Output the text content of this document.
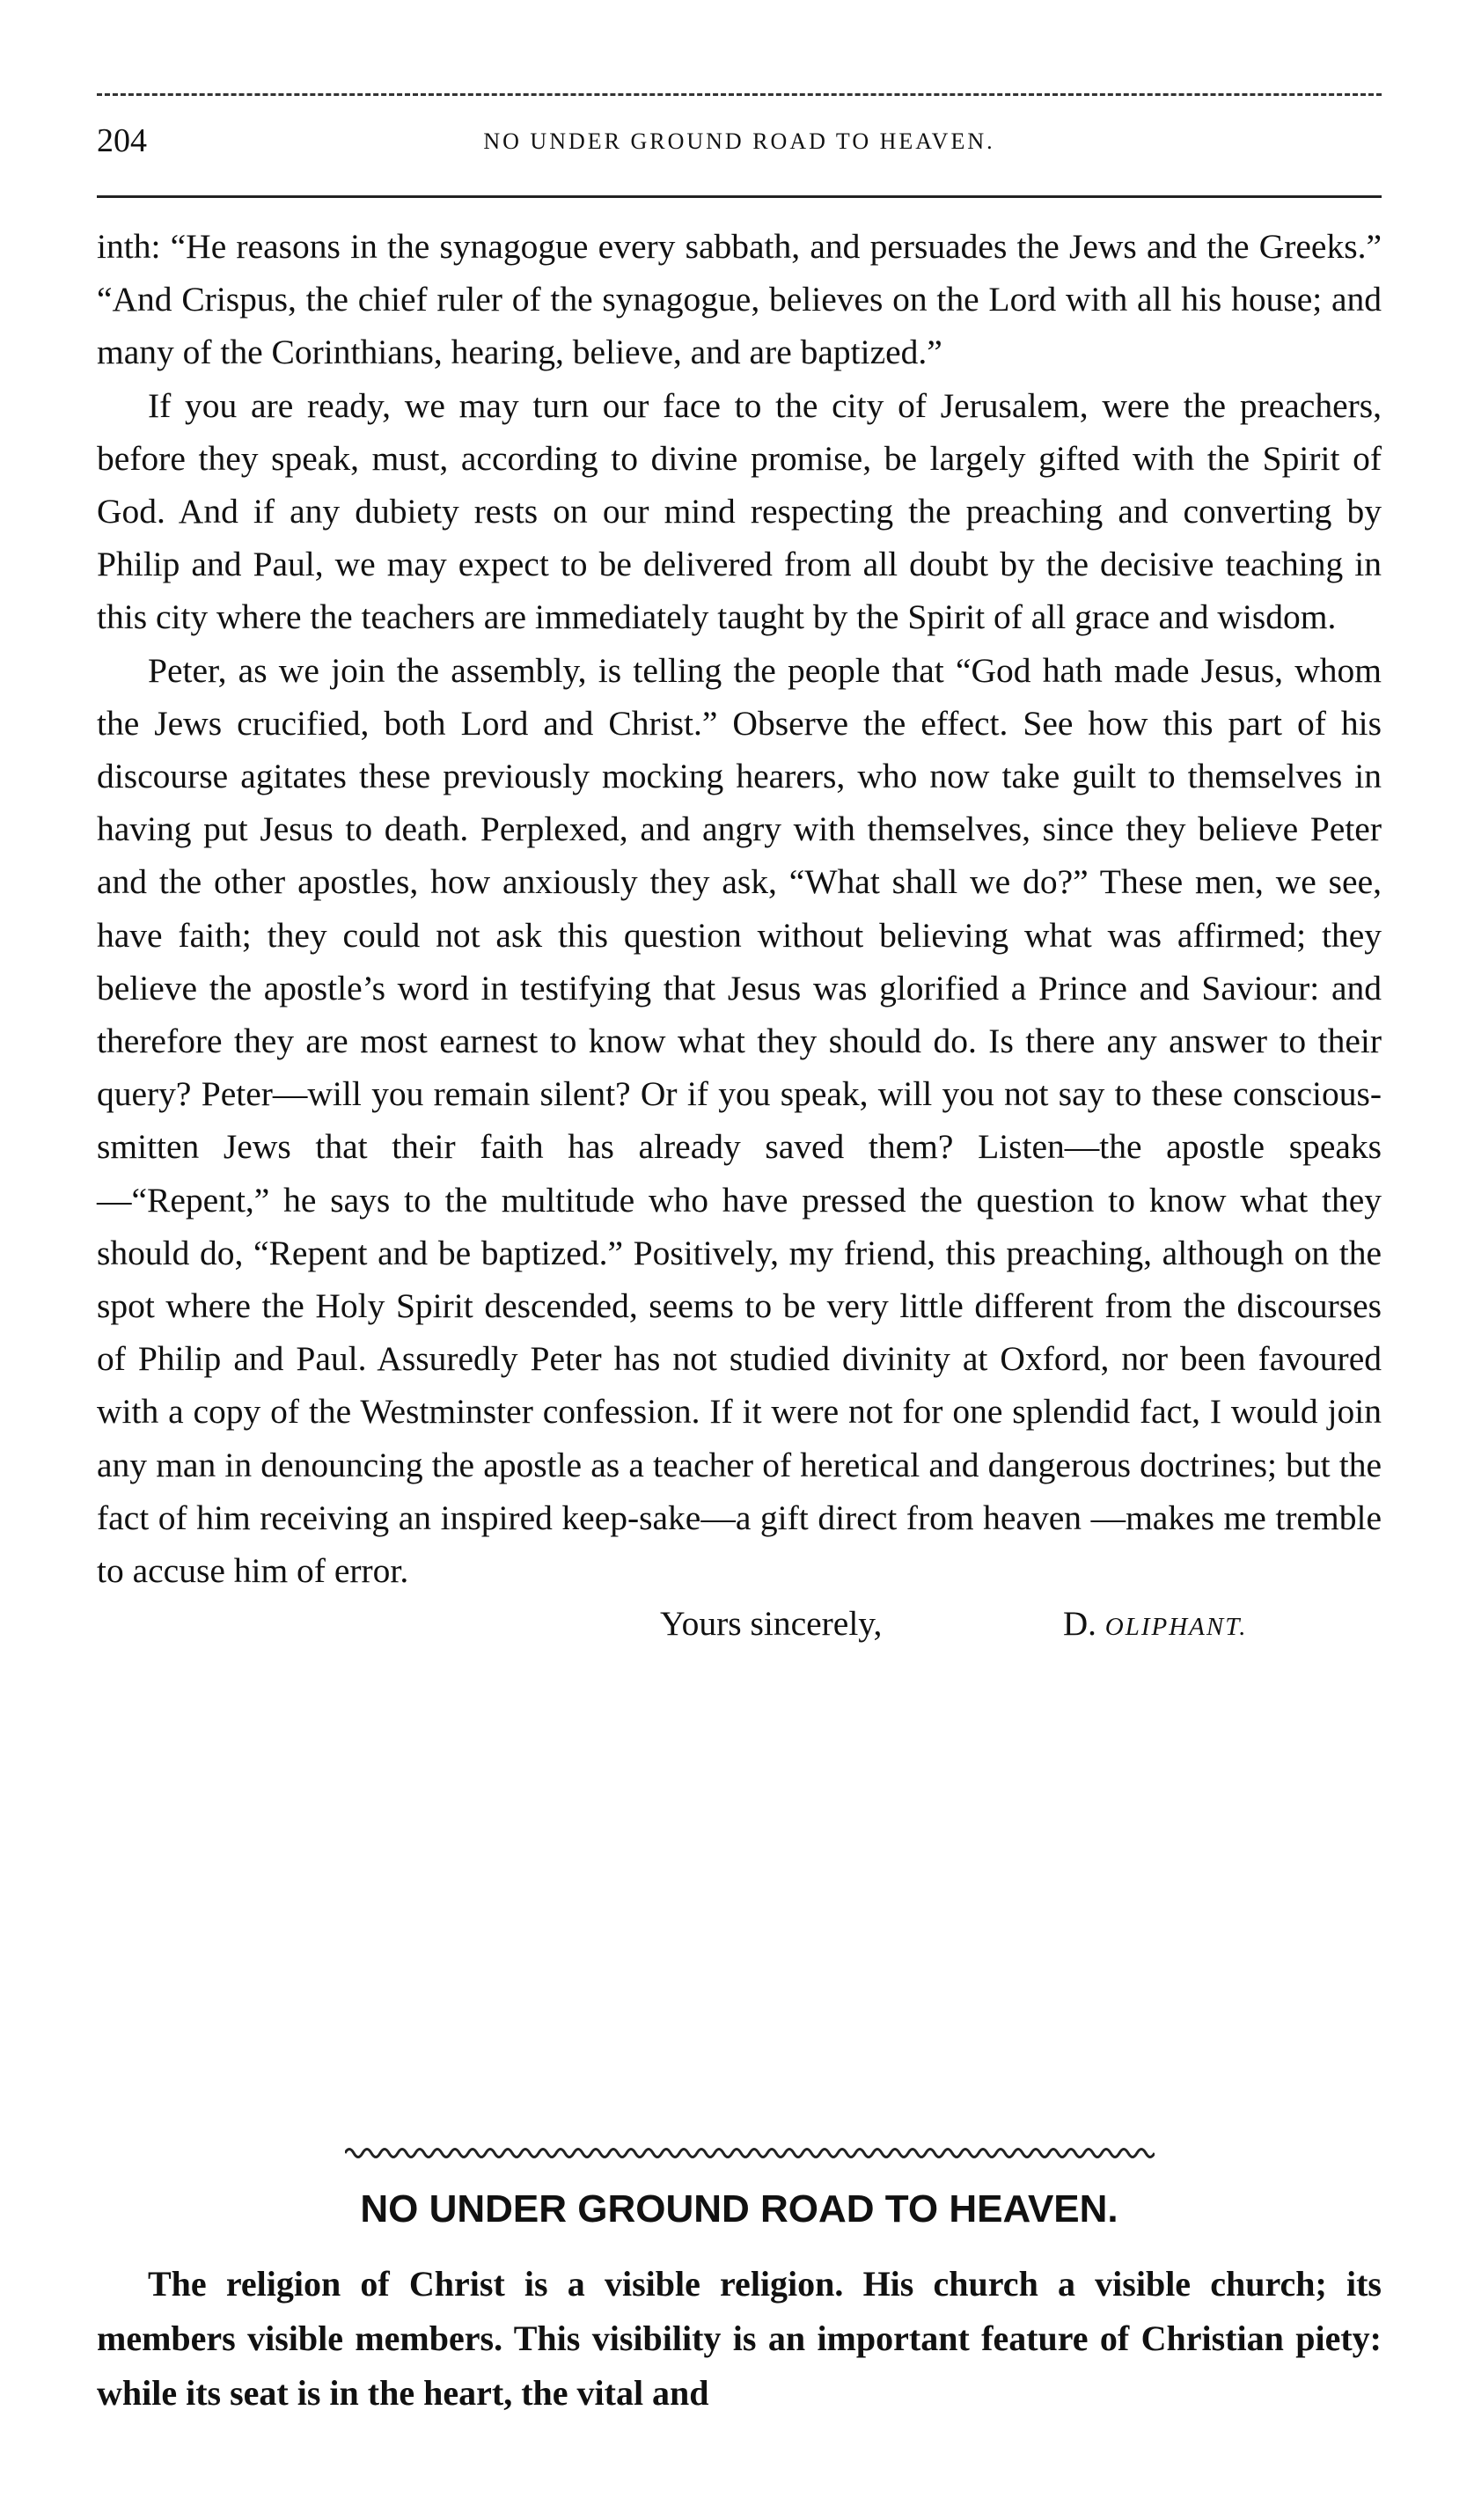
204	NO UNDER GROUND ROAD TO HEAVEN.

inth: “He reasons in the synagogue every sabbath, and persuades the Jews and the Greeks.” “And Crispus, the chief ruler of the synagogue, believes on the Lord with all his house; and many of the Corinthians, hearing, believe, and are baptized.”

If you are ready, we may turn our face to the city of Jerusalem, were the preachers, before they speak, must, according to divine promise, be largely gifted with the Spirit of God. And if any dubiety rests on our mind respecting the preaching and converting by Philip and Paul, we may expect to be delivered from all doubt by the decisive teaching in this city where the teachers are immediately taught by the Spirit of all grace and wisdom.

Peter, as we join the assembly, is telling the people that “God hath made Jesus, whom the Jews crucified, both Lord and Christ.” Observe the effect. See how this part of his discourse agitates these previously mocking hearers, who now take guilt to themselves in having put Jesus to death. Perplexed, and angry with themselves, since they believe Peter and the other apostles, how anxiously they ask, “What shall we do?” These men, we see, have faith; they could not ask this question without believing what was affirmed; they believe the apostle’s word in testifying that Jesus was glorified a Prince and Saviour: and therefore they are most earnest to know what they should do. Is there any answer to their query? Peter—will you remain silent? Or if you speak, will you not say to these conscious-smitten Jews that their faith has already saved them? Listen—the apostle speaks—“Repent,” he says to the multitude who have pressed the question to know what they should do, “Repent and be baptized.” Positively, my friend, this preaching, although on the spot where the Holy Spirit descended, seems to be very little different from the discourses of Philip and Paul. Assuredly Peter has not studied divinity at Oxford, nor been favoured with a copy of the Westminster confession. If it were not for one splendid fact, I would join any man in denouncing the apostle as a teacher of heretical and dangerous doctrines; but the fact of him receiving an inspired keep-sake—a gift direct from heaven —makes me tremble to accuse him of error.

Yours sincerely,	D. OLIPHANT.
NO UNDER GROUND ROAD TO HEAVEN.

The religion of Christ is a visible religion. His church a visible church; its members visible members. This visibility is an important feature of Christian piety: while its seat is in the heart, the vital and
